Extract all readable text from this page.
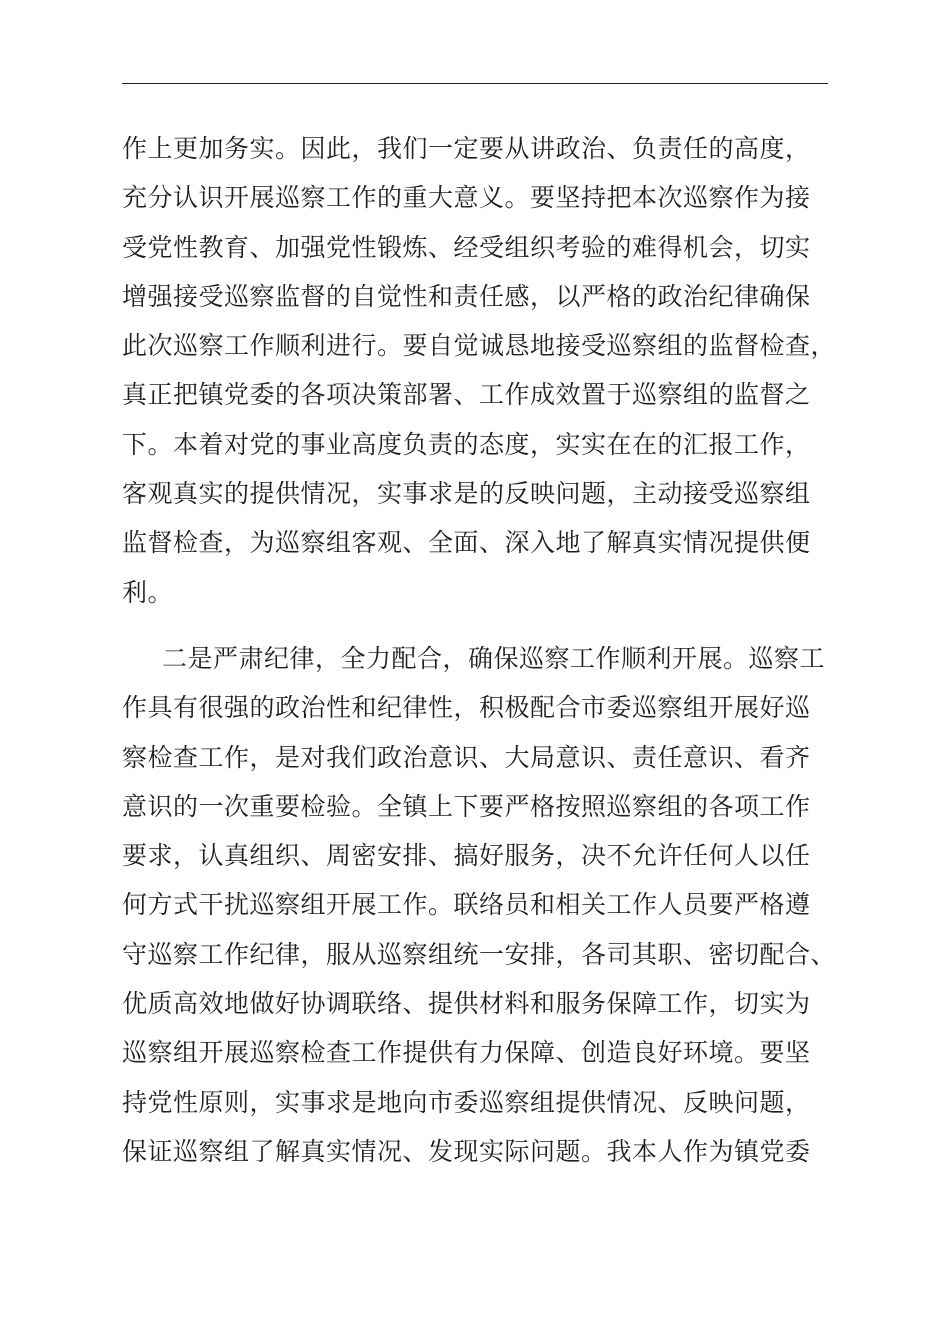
作上更加务实。因此，我们一定要从讲政治、负责任的高度，
充分认识开展巡察工作的重大意义。要坚持把本次巡察作为接
受党性教育、加强党性锻炼、经受组织考验的难得机会，切实
增强接受巡察监督的自觉性和责任感，以严格的政治纪律确保
此次巡察工作顺利进行。要自觉诚恳地接受巡察组的监督检查，
真正把镇党委的各项决策部署、工作成效置于巡察组的监督之
下。本着对党的事业高度负责的态度，实实在在的汇报工作，
客观真实的提供情况，实事求是的反映问题，主动接受巡察组
监督检查，为巡察组客观、全面、深入地了解真实情况提供便
利。
二是严肃纪律，全力配合，确保巡察工作顺利开展。巡察工
作具有很强的政治性和纪律性，积极配合市委巡察组开展好巡
察检查工作，是对我们政治意识、大局意识、责任意识、看齐
意识的一次重要检验。全镇上下要严格按照巡察组的各项工作
要求，认真组织、周密安排、搞好服务，决不允许任何人以任
何方式干扰巡察组开展工作。联络员和相关工作人员要严格遵
守巡察工作纪律，服从巡察组统一安排，各司其职、密切配合、
优质高效地做好协调联络、提供材料和服务保障工作，切实为
巡察组开展巡察检查工作提供有力保障、创造良好环境。要坚
持党性原则，实事求是地向市委巡察组提供情况、反映问题，
保证巡察组了解真实情况、发现实际问题。我本人作为镇党委
